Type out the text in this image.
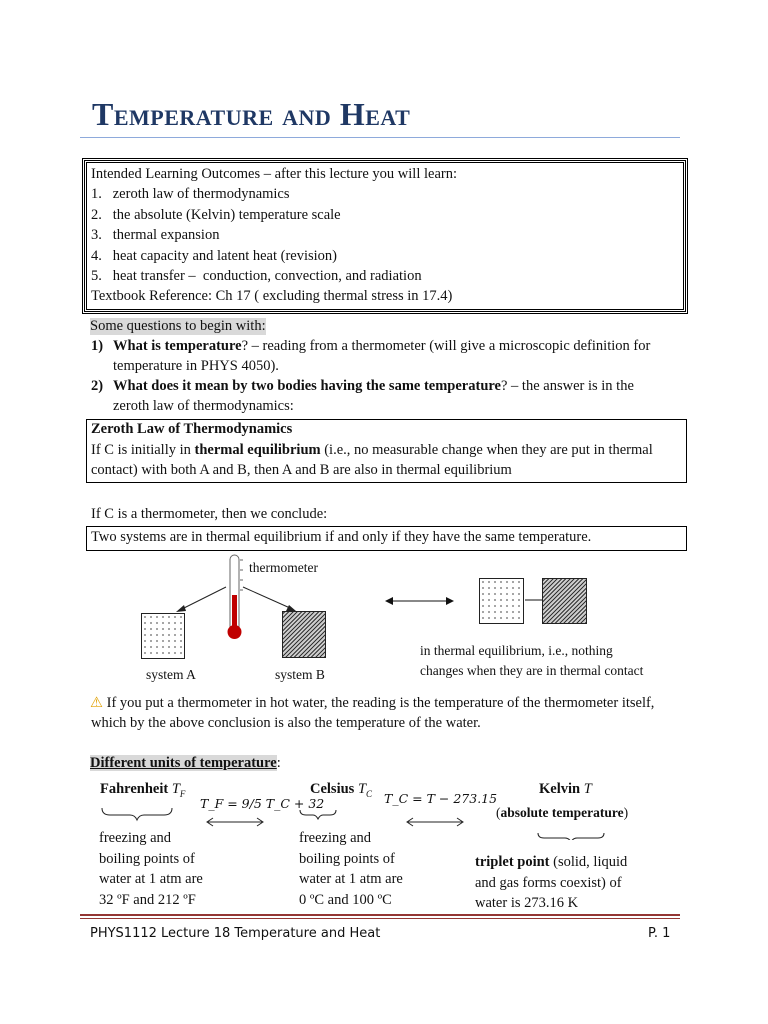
Temperature and Heat
Intended Learning Outcomes – after this lecture you will learn:
1.   zeroth law of thermodynamics
2.   the absolute (Kelvin) temperature scale
3.   thermal expansion
4.   heat capacity and latent heat (revision)
5.   heat transfer –  conduction, convection, and radiation
Textbook Reference: Ch 17 ( excluding thermal stress in 17.4)
Some questions to begin with:
1) What is temperature? – reading from a thermometer (will give a microscopic definition for
temperature in PHYS 4050).
2) What does it mean by two bodies having the same temperature? – the answer is in the
zeroth law of thermodynamics:
Zeroth Law of Thermodynamics
If C is initially in thermal equilibrium (i.e., no measurable change when they are put in thermal
contact) with both A and B, then A and B are also in thermal equilibrium
If C is a thermometer, then we conclude:
Two systems are in thermal equilibrium if and only if they have the same temperature.
thermometer
system A	system B
in thermal equilibrium, i.e., nothing
changes when they are in thermal contact
⚠ If you put a thermometer in hot water, the reading is the temperature of the thermometer itself,
which by the above conclusion is also the temperature of the water.
Different units of temperature:
Fahrenheit $T_F$	Celsius $T_C$	Kelvin T
T_F = 9/5 T_C + 32	T_C = T − 273.15
(absolute temperature)
freezing and
boiling points of
water at 1 atm are
32 ºF and 212 ºF
freezing and
boiling points of
water at 1 atm are
0 ºC and 100 ºC
triplet point (solid, liquid
and gas forms coexist) of
water is 273.16 K
PHYS1112 Lecture 18 Temperature and Heat	P. 1
